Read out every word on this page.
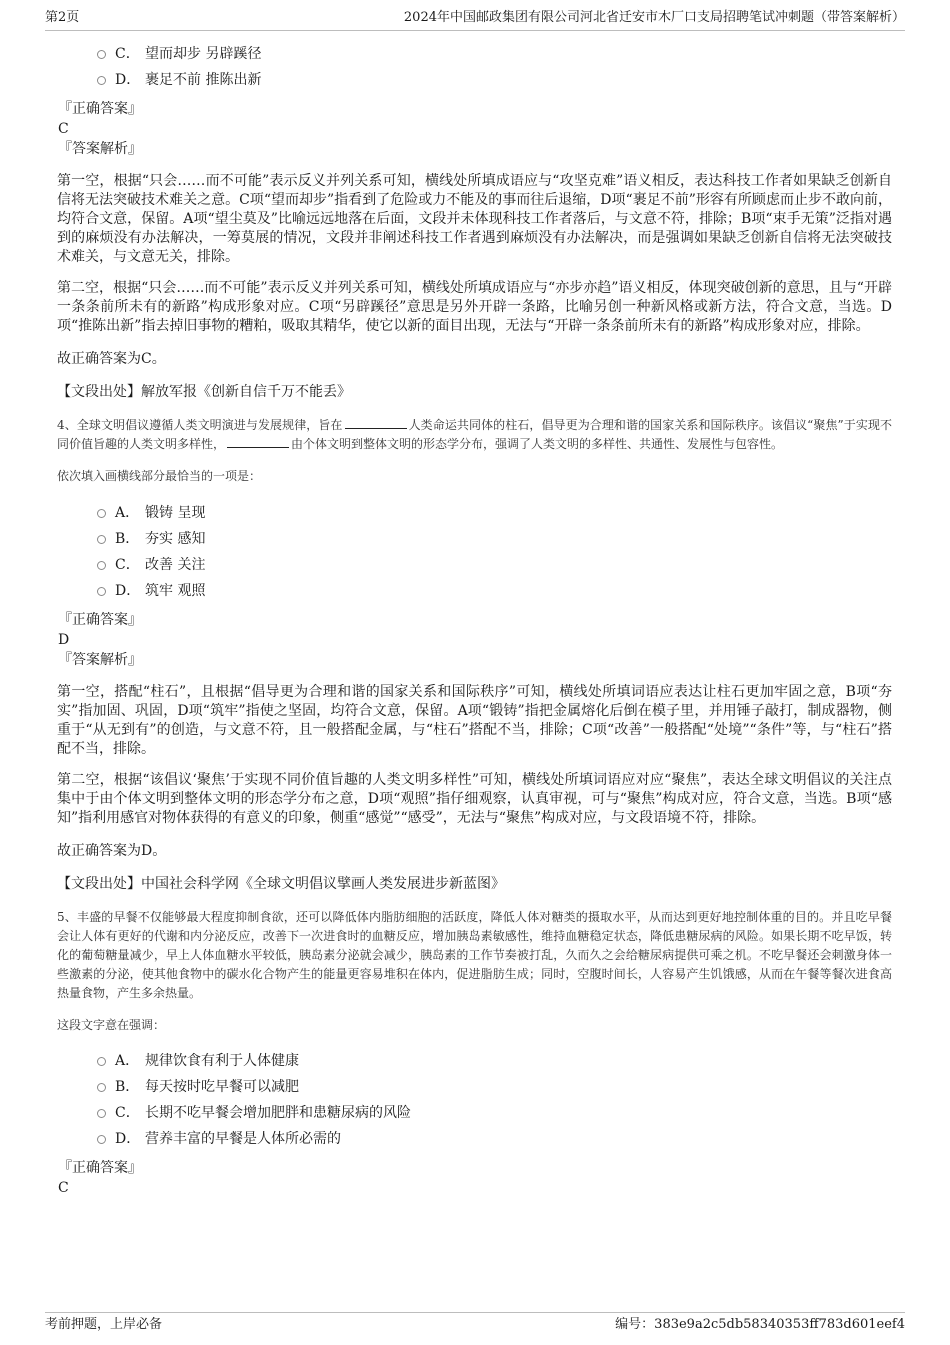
第2页	2024年中国邮政集团有限公司河北省迁安市木厂口支局招聘笔试冲刺题（带答案解析）
C． 望而却步 另辟蹊径
D． 裹足不前 推陈出新
『正确答案』
C
『答案解析』

第一空，根据“只会……而不可能”表示反义并列关系可知，横线处所填成语应与“攻坚克难”语义相反，表达科技工作者如果缺乏创新自信将无法突破技术难关之意。C项“望而却步”指看到了危险或力不能及的事而往后退缩，D项“裹足不前”形容有所顾虑而止步不敢向前，均符合文意，保留。A项“望尘莫及”比喻远远地落在后面，文段并未体现科技工作者落后，与文意不符，排除；B项“束手无策”泛指对遇到的麻烦没有办法解决，一筹莫展的情况，文段并非阐述科技工作者遇到麻烦没有办法解决，而是强调如果缺乏创新自信将无法突破技术难关，与文意无关，排除。

第二空，根据“只会……而不可能”表示反义并列关系可知，横线处所填成语应与“亦步亦趋”语义相反，体现突破创新的意思，且与“开辟一条条前所未有的新路”构成形象对应。C项“另辟蹊径”意思是另外开辟一条路，比喻另创一种新风格或新方法，符合文意，当选。D项“推陈出新”指去掉旧事物的糟粕，吸取其精华，使它以新的面目出现，无法与“开辟一条条前所未有的新路”构成形象对应，排除。

故正确答案为C。

【文段出处】解放军报《创新自信千万不能丢》

4、全球文明倡议遵循人类文明演进与发展规律，旨在	人类命运共同体的柱石，倡导更为合理和谐的国家关系和国际秩序。该倡议“聚焦”于实现不同价值旨趣的人类文明多样性，	由个体文明到整体文明的形态学分布，强调了人类文明的多样性、共通性、发展性与包容性。

依次填入画横线部分最恰当的一项是：

A． 锻铸 呈现
B． 夯实 感知
C． 改善 关注
D． 筑牢 观照
『正确答案』
D
『答案解析』

第一空，搭配“柱石”，且根据“倡导更为合理和谐的国家关系和国际秩序”可知，横线处所填词语应表达让柱石更加牢固之意，B项“夯实”指加固、巩固，D项“筑牢”指使之坚固，均符合文意，保留。A项“锻铸”指把金属熔化后倒在模子里，并用锤子敲打，制成器物，侧重于“从无到有”的创造，与文意不符，且一般搭配金属，与“柱石”搭配不当，排除；C项“改善”一般搭配“处境”“条件”等，与“柱石”搭配不当，排除。

第二空，根据“该倡议‘聚焦’于实现不同价值旨趣的人类文明多样性”可知，横线处所填词语应对应“聚焦”，表达全球文明倡议的关注点集中于由个体文明到整体文明的形态学分布之意，D项“观照”指仔细观察，认真审视，可与“聚焦”构成对应，符合文意，当选。B项“感知”指利用感官对物体获得的有意义的印象，侧重“感觉”“感受”，无法与“聚焦”构成对应，与文段语境不符，排除。

故正确答案为D。

【文段出处】中国社会科学网《全球文明倡议擘画人类发展进步新蓝图》

5、丰盛的早餐不仅能够最大程度抑制食欲，还可以降低体内脂肪细胞的活跃度，降低人体对糖类的摄取水平，从而达到更好地控制体重的目的。并且吃早餐会让人体有更好的代谢和内分泌反应，改善下一次进食时的血糖反应，增加胰岛素敏感性，维持血糖稳定状态，降低患糖尿病的风险。如果长期不吃早饭，转化的葡萄糖量减少，早上人体血糖水平较低，胰岛素分泌就会减少，胰岛素的工作节奏被打乱，久而久之会给糖尿病提供可乘之机。不吃早餐还会刺激身体一些激素的分泌，使其他食物中的碳水化合物产生的能量更容易堆积在体内，促进脂肪生成；同时，空腹时间长，人容易产生饥饿感，从而在午餐等餐次进食高热量食物，产生多余热量。

这段文字意在强调：

A． 规律饮食有利于人体健康
B． 每天按时吃早餐可以减肥
C． 长期不吃早餐会增加肥胖和患糖尿病的风险
D． 营养丰富的早餐是人体所必需的
『正确答案』
C
考前押题，上岸必备	编号：383e9a2c5db58340353ff783d601eef4
